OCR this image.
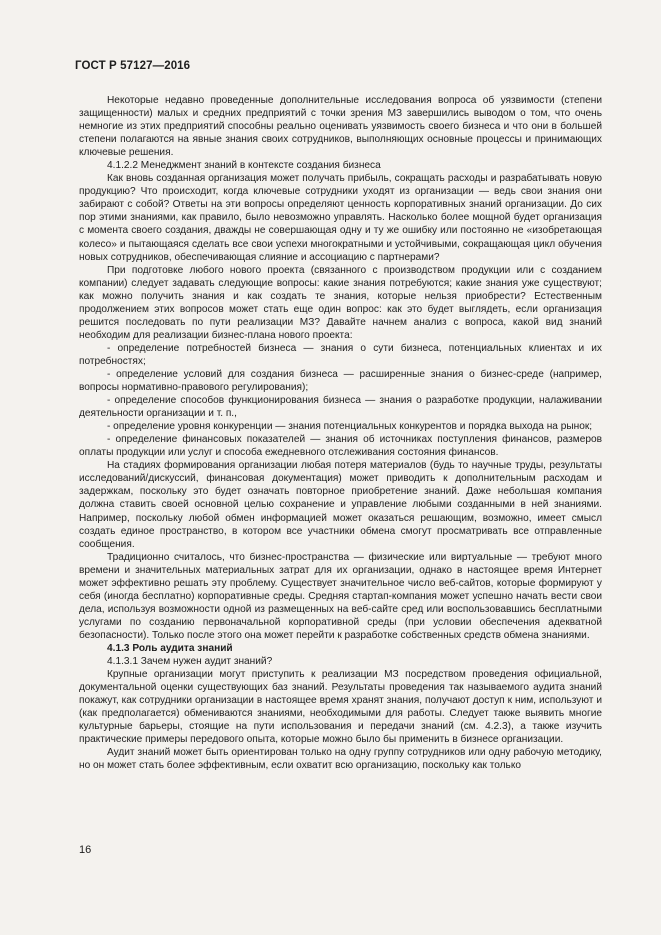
ГОСТ Р 57127—2016

Некоторые недавно проведенные дополнительные исследования вопроса об уязвимости (степени защищенности) малых и средних предприятий с точки зрения МЗ завершились выводом о том, что очень немногие из этих предприятий способны реально оценивать уязвимость своего бизнеса и что они в большей степени полагаются на явные знания своих сотрудников, выполняющих основные процессы и принимающих ключевые решения.

4.1.2.2 Менеджмент знаний в контексте создания бизнеса

Как вновь созданная организация может получать прибыль, сокращать расходы и разрабатывать новую продукцию? Что происходит, когда ключевые сотрудники уходят из организации — ведь свои знания они забирают с собой? Ответы на эти вопросы определяют ценность корпоративных знаний организации. До сих пор этими знаниями, как правило, было невозможно управлять. Насколько более мощной будет организация с момента своего создания, дважды не совершающая одну и ту же ошибку или постоянно не «изобретающая колесо» и пытающаяся сделать все свои успехи многократными и устойчивыми, сокращающая цикл обучения новых сотрудников, обеспечивающая слияние и ассоциацию с партнерами?

При подготовке любого нового проекта (связанного с производством продукции или с созданием компании) следует задавать следующие вопросы: какие знания потребуются; какие знания уже существуют; как можно получить знания и как создать те знания, которые нельзя приобрести? Естественным продолжением этих вопросов может стать еще один вопрос: как это будет выглядеть, если организация решится последовать по пути реализации МЗ? Давайте начнем анализ с вопроса, какой вид знаний необходим для реализации бизнес-плана нового проекта:

- определение потребностей бизнеса — знания о сути бизнеса, потенциальных клиентах и их потребностях;

- определение условий для создания бизнеса — расширенные знания о бизнес-среде (например, вопросы нормативно-правового регулирования);

- определение способов функционирования бизнеса — знания о разработке продукции, налаживании деятельности организации и т. п.,

- определение уровня конкуренции — знания потенциальных конкурентов и порядка выхода на рынок;

- определение финансовых показателей — знания об источниках поступления финансов, размеров оплаты продукции или услуг и способа ежедневного отслеживания состояния финансов.

На стадиях формирования организации любая потеря материалов (будь то научные труды, результаты исследований/дискуссий, финансовая документация) может приводить к дополнительным расходам и задержкам, поскольку это будет означать повторное приобретение знаний. Даже небольшая компания должна ставить своей основной целью сохранение и управление любыми созданными в ней знаниями. Например, поскольку любой обмен информацией может оказаться решающим, возможно, имеет смысл создать единое пространство, в котором все участники обмена смогут просматривать все отправленные сообщения.

Традиционно считалось, что бизнес-пространства — физические или виртуальные — требуют много времени и значительных материальных затрат для их организации, однако в настоящее время Интернет может эффективно решать эту проблему. Существует значительное число веб-сайтов, которые формируют у себя (иногда бесплатно) корпоративные среды. Средняя стартап-компания может успешно начать вести свои дела, используя возможности одной из размещенных на веб-сайте сред или воспользовавшись бесплатными услугами по созданию первоначальной корпоративной среды (при условии обеспечения адекватной безопасности). Только после этого она может перейти к разработке собственных средств обмена знаниями.

4.1.3 Роль аудита знаний

4.1.3.1 Зачем нужен аудит знаний?

Крупные организации могут приступить к реализации МЗ посредством проведения официальной, документальной оценки существующих баз знаний. Результаты проведения так называемого аудита знаний покажут, как сотрудники организации в настоящее время хранят знания, получают доступ к ним, используют и (как предполагается) обмениваются знаниями, необходимыми для работы. Следует также выявить многие культурные барьеры, стоящие на пути использования и передачи знаний (см. 4.2.3), а также изучить практические примеры передового опыта, которые можно было бы применить в бизнесе организации.

Аудит знаний может быть ориентирован только на одну группу сотрудников или одну рабочую методику, но он может стать более эффективным, если охватит всю организацию, поскольку как только

16
